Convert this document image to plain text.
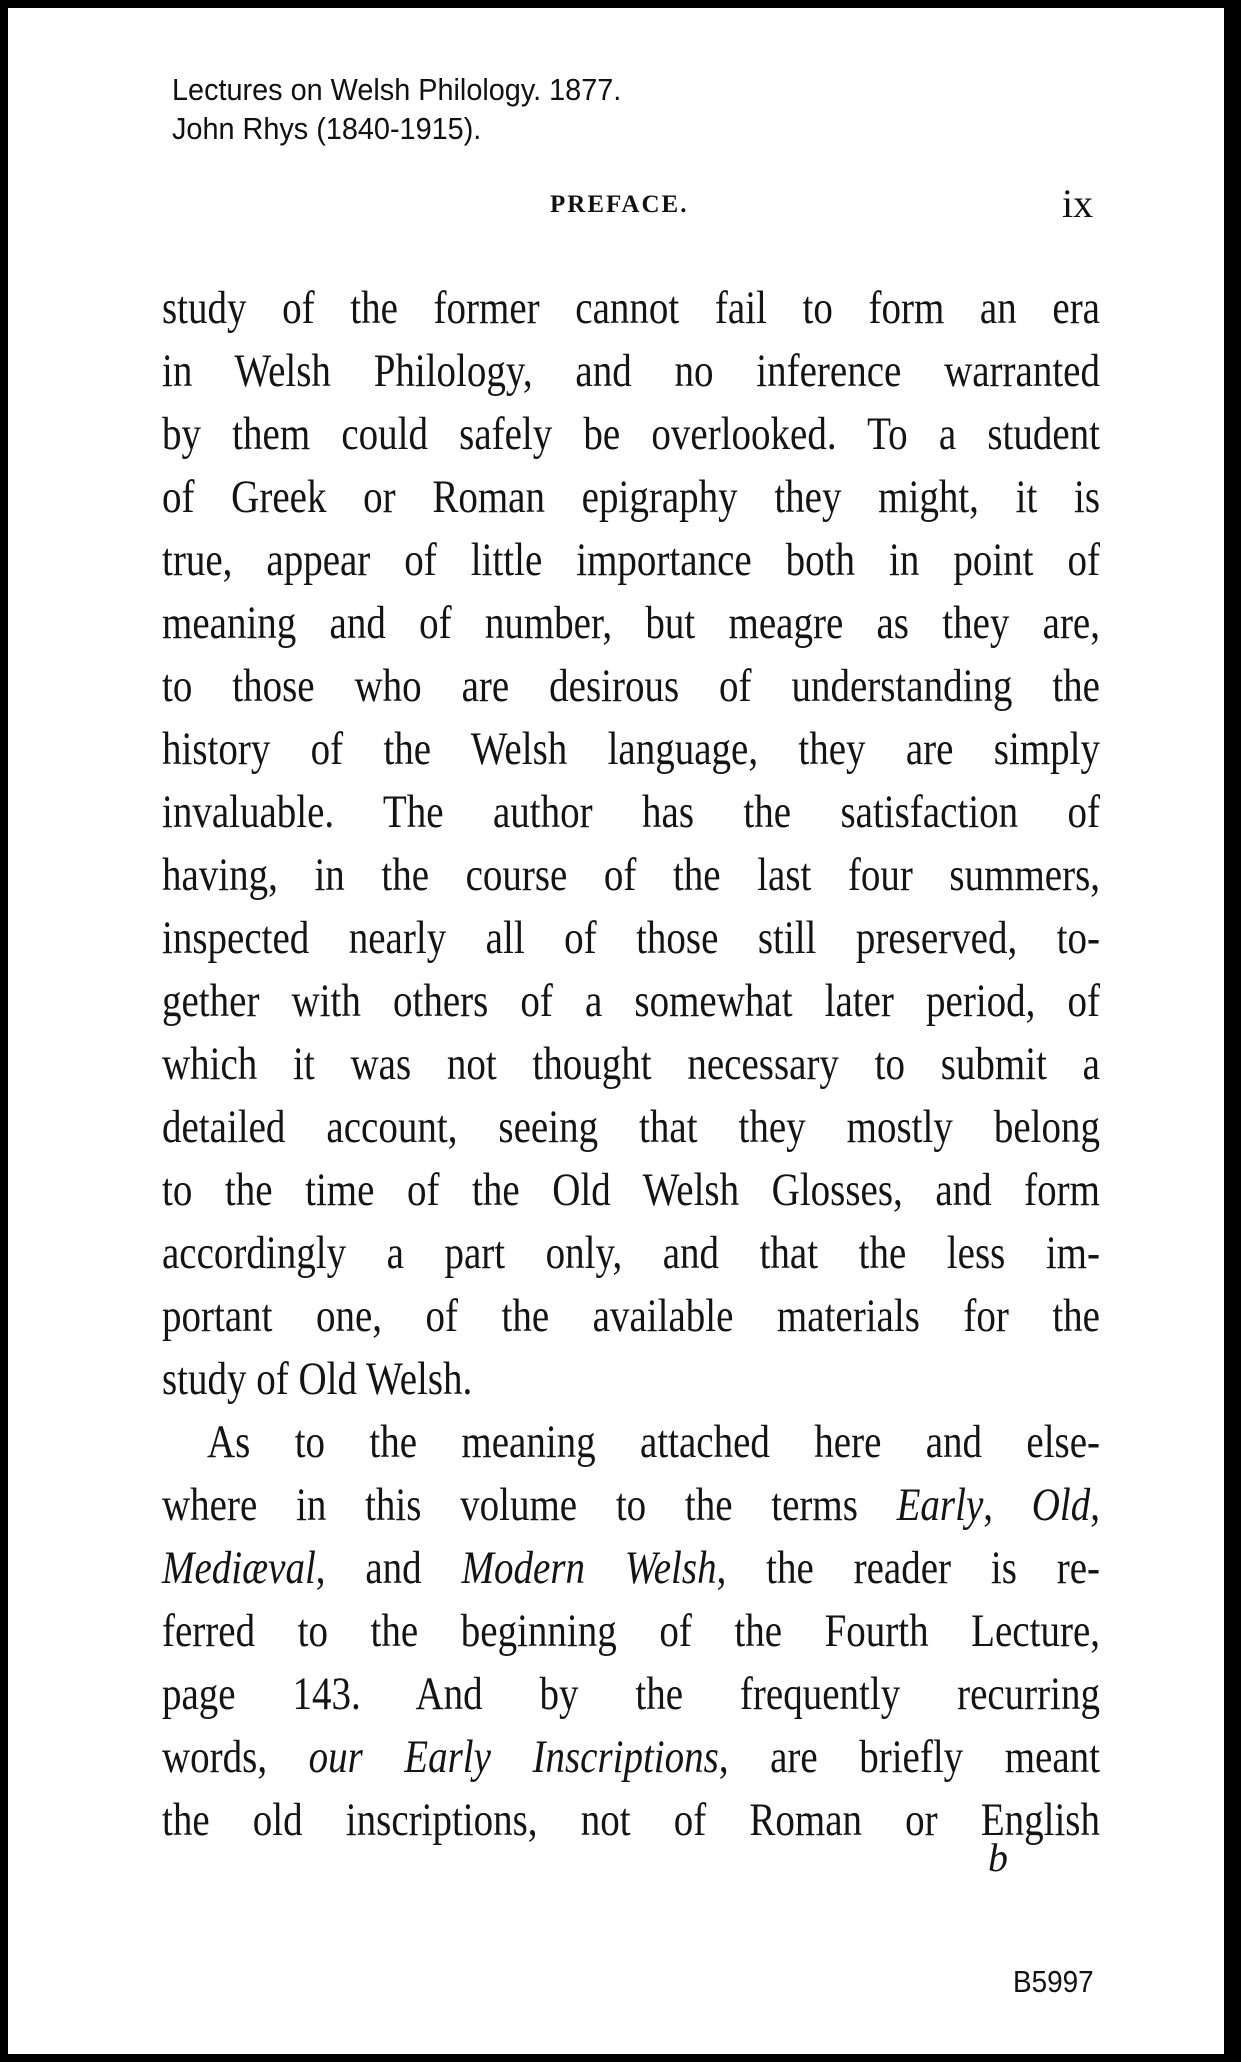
Lectures on Welsh Philology. 1877.
John Rhys (1840-1915).
PREFACE.	ix
study of the former cannot fail to form an era
in Welsh Philology, and no inference warranted
by them could safely be overlooked. To a student
of Greek or Roman epigraphy they might, it is
true, appear of little importance both in point of
meaning and of number, but meagre as they are,
to those who are desirous of understanding the
history of the Welsh language, they are simply
invaluable. The author has the satisfaction of
having, in the course of the last four summers,
inspected nearly all of those still preserved, to-
gether with others of a somewhat later period, of
which it was not thought necessary to submit a
detailed account, seeing that they mostly belong
to the time of the Old Welsh Glosses, and form
accordingly a part only, and that the less im-
portant one, of the available materials for the
study of Old Welsh.
As to the meaning attached here and else-
where in this volume to the terms Early, Old,
Mediæval, and Modern Welsh, the reader is re-
ferred to the beginning of the Fourth Lecture,
page 143. And by the frequently recurring
words, our Early Inscriptions, are briefly meant
the old inscriptions, not of Roman or English
b
B5997
